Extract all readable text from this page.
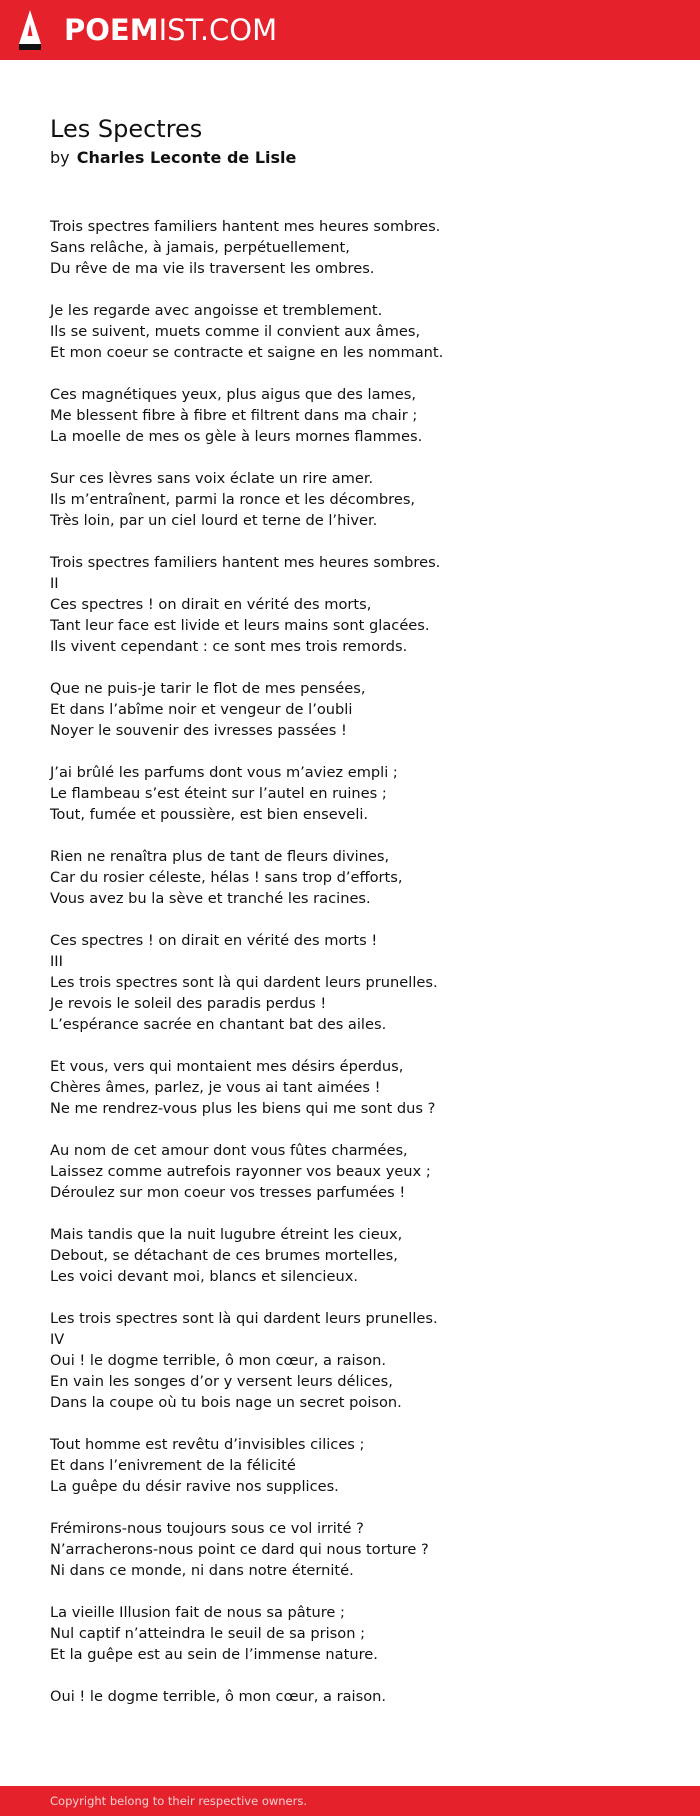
POEMIST.COM
Les Spectres
by Charles Leconte de Lisle
Trois spectres familiers hantent mes heures sombres.
Sans relâche, à jamais, perpétuellement,
Du rêve de ma vie ils traversent les ombres.
Je les regarde avec angoisse et tremblement.
Ils se suivent, muets comme il convient aux âmes,
Et mon coeur se contracte et saigne en les nommant.
Ces magnétiques yeux, plus aigus que des lames,
Me blessent fibre à fibre et filtrent dans ma chair ;
La moelle de mes os gèle à leurs mornes flammes.
Sur ces lèvres sans voix éclate un rire amer.
Ils m’entraînent, parmi la ronce et les décombres,
Très loin, par un ciel lourd et terne de l’hiver.
Trois spectres familiers hantent mes heures sombres.
II
Ces spectres ! on dirait en vérité des morts,
Tant leur face est livide et leurs mains sont glacées.
Ils vivent cependant : ce sont mes trois remords.
Que ne puis-je tarir le flot de mes pensées,
Et dans l’abîme noir et vengeur de l’oubli
Noyer le souvenir des ivresses passées !
J’ai brûlé les parfums dont vous m’aviez empli ;
Le flambeau s’est éteint sur l’autel en ruines ;
Tout, fumée et poussière, est bien enseveli.
Rien ne renaîtra plus de tant de fleurs divines,
Car du rosier céleste, hélas ! sans trop d’efforts,
Vous avez bu la sève et tranché les racines.
Ces spectres ! on dirait en vérité des morts !
III
Les trois spectres sont là qui dardent leurs prunelles.
Je revois le soleil des paradis perdus !
L’espérance sacrée en chantant bat des ailes.
Et vous, vers qui montaient mes désirs éperdus,
Chères âmes, parlez, je vous ai tant aimées !
Ne me rendrez-vous plus les biens qui me sont dus ?
Au nom de cet amour dont vous fûtes charmées,
Laissez comme autrefois rayonner vos beaux yeux ;
Déroulez sur mon coeur vos tresses parfumées !
Mais tandis que la nuit lugubre étreint les cieux,
Debout, se détachant de ces brumes mortelles,
Les voici devant moi, blancs et silencieux.
Les trois spectres sont là qui dardent leurs prunelles.
IV
Oui ! le dogme terrible, ô mon cœur, a raison.
En vain les songes d’or y versent leurs délices,
Dans la coupe où tu bois nage un secret poison.
Tout homme est revêtu d’invisibles cilices ;
Et dans l’enivrement de la félicité
La guêpe du désir ravive nos supplices.
Frémirons-nous toujours sous ce vol irrité ?
N’arracherons-nous point ce dard qui nous torture ?
Ni dans ce monde, ni dans notre éternité.
La vieille Illusion fait de nous sa pâture ;
Nul captif n’atteindra le seuil de sa prison ;
Et la guêpe est au sein de l’immense nature.
Oui ! le dogme terrible, ô mon cœur, a raison.
Copyright belong to their respective owners.
